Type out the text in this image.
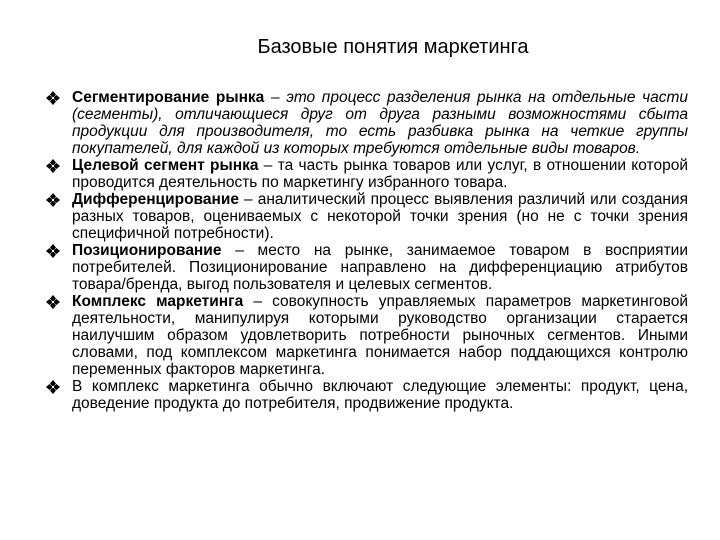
Базовые понятия маркетинга
Сегментирование рынка – это процесс разделения рынка на отдельные части (сегменты), отличающиеся друг от друга разными возможностями сбыта продукции для производителя, то есть разбивка рынка на четкие группы покупателей, для каждой из которых требуются отдельные виды товаров.
Целевой сегмент рынка – та часть рынка товаров или услуг, в отношении которой проводится деятельность по маркетингу избранного товара.
Дифференцирование – аналитический процесс выявления различий или создания разных товаров, оцениваемых с некоторой точки зрения (но не с точки зрения специфичной потребности).
Позиционирование – место на рынке, занимаемое товаром в восприятии потребителей. Позиционирование направлено на дифференциацию атрибутов товара/бренда, выгод пользователя и целевых сегментов.
Комплекс маркетинга – совокупность управляемых параметров маркетинговой деятельности, манипулируя которыми руководство организации старается наилучшим образом удовлетворить потребности рыночных сегментов. Иными словами, под комплексом маркетинга понимается набор поддающихся контролю переменных факторов маркетинга.
В комплекс маркетинга обычно включают следующие элементы: продукт, цена, доведение продукта до потребителя, продвижение продукта.
